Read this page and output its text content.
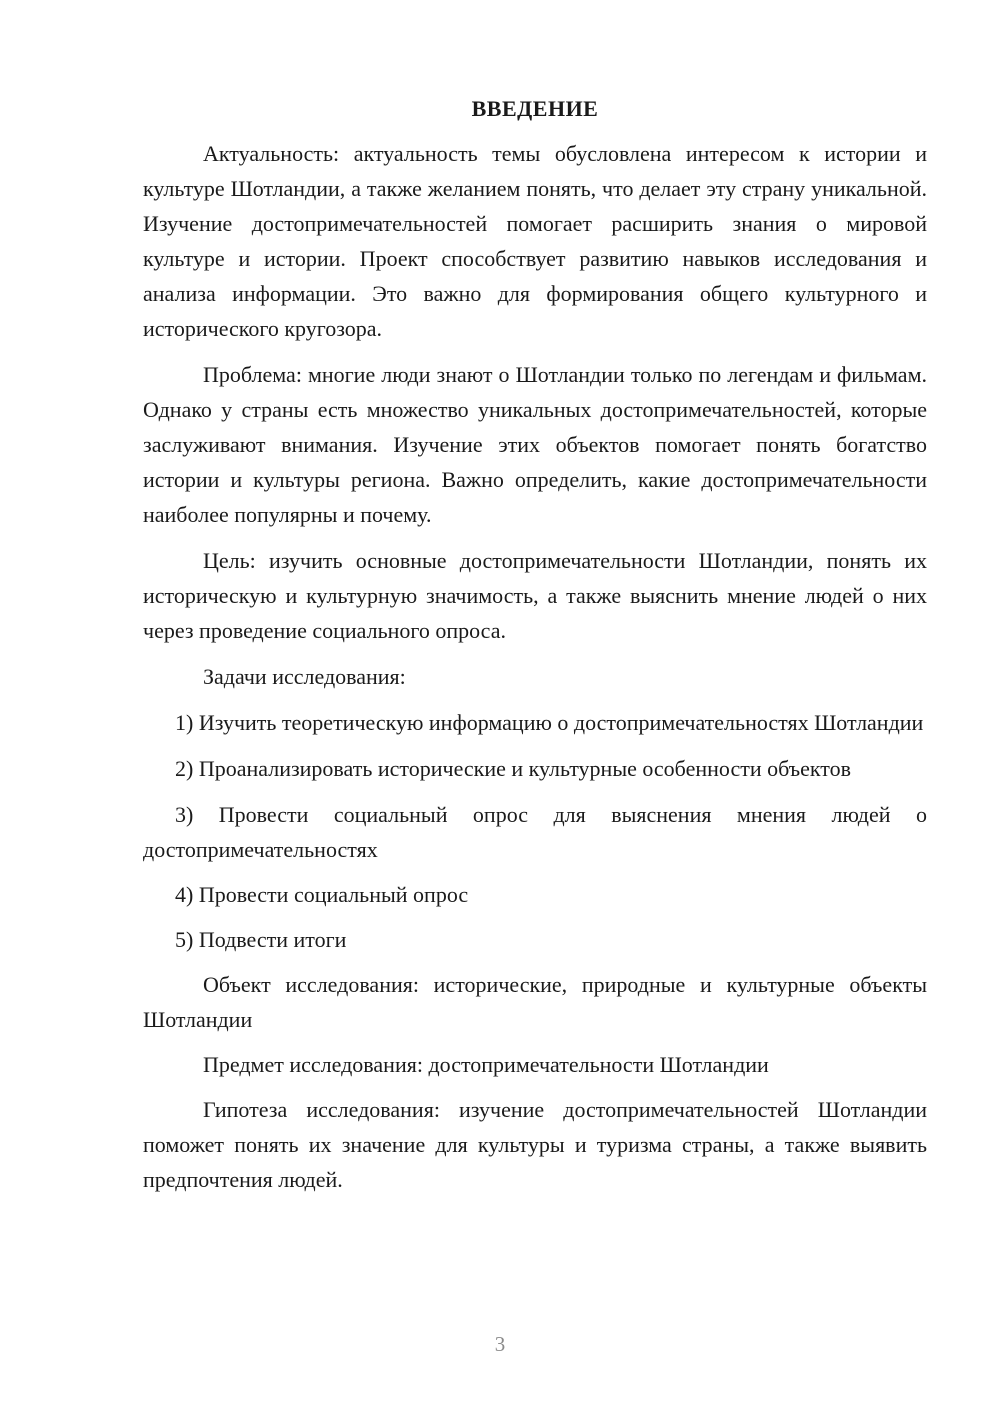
ВВЕДЕНИЕ

Актуальность: актуальность темы обусловлена интересом к истории и культуре Шотландии, а также желанием понять, что делает эту страну уникальной. Изучение достопримечательностей помогает расширить знания о мировой культуре и истории. Проект способствует развитию навыков исследования и анализа информации. Это важно для формирования общего культурного и исторического кругозора.

Проблема: многие люди знают о Шотландии только по легендам и фильмам. Однако у страны есть множество уникальных достопримечательностей, которые заслуживают внимания. Изучение этих объектов помогает понять богатство истории и культуры региона. Важно определить, какие достопримечательности наиболее популярны и почему.

Цель: изучить основные достопримечательности Шотландии, понять их историческую и культурную значимость, а также выяснить мнение людей о них через проведение социального опроса.

Задачи исследования:

1) Изучить теоретическую информацию о достопримечательностях Шотландии

2) Проанализировать исторические и культурные особенности объектов

3) Провести социальный опрос для выяснения мнения людей о достопримечательностях

4) Провести социальный опрос

5) Подвести итоги

Объект исследования: исторические, природные и культурные объекты Шотландии

Предмет исследования: достопримечательности Шотландии

Гипотеза исследования: изучение достопримечательностей Шотландии поможет понять их значение для культуры и туризма страны, а также выявить предпочтения людей.

3
